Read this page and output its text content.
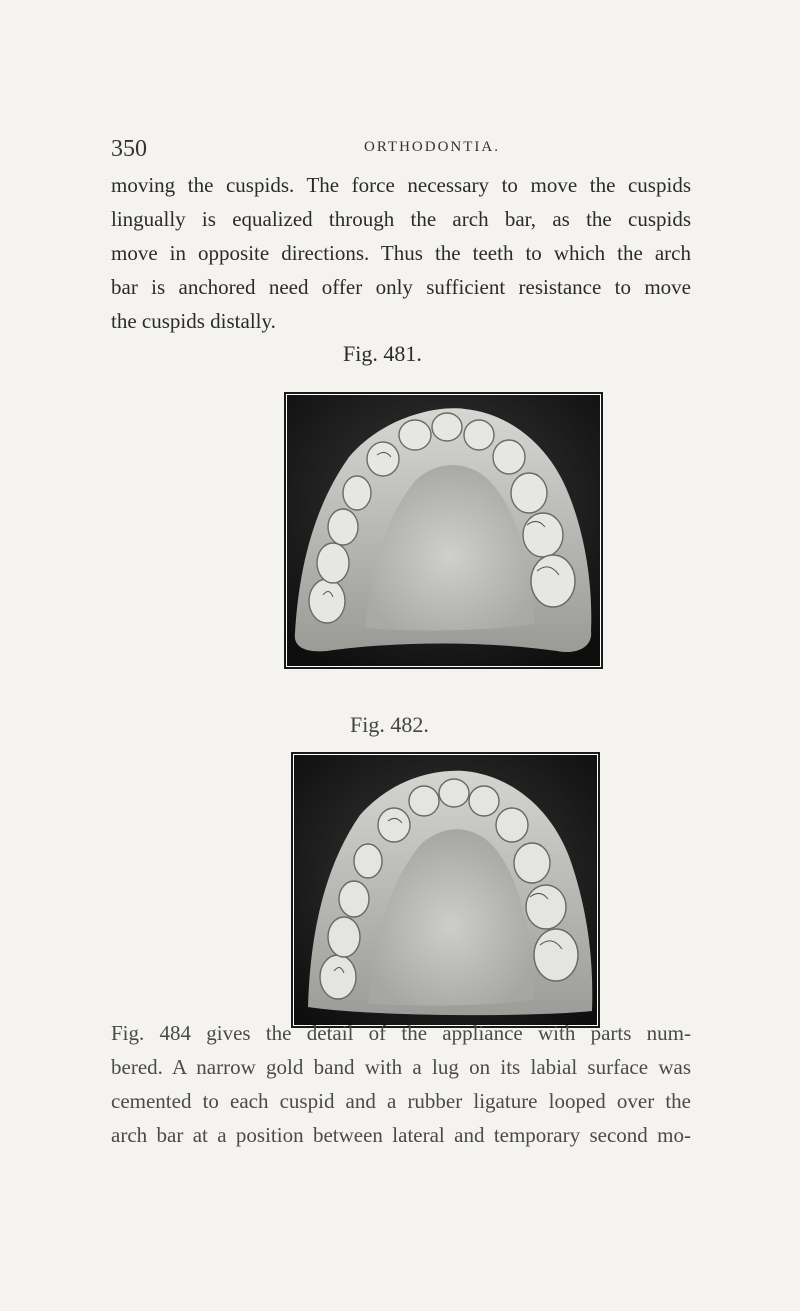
350	ORTHODONTIA.
moving the cuspids. The force necessary to move the cuspids
lingually is equalized through the arch bar, as the cuspids
move in opposite directions. Thus the teeth to which the arch
bar is anchored need offer only sufficient resistance to move
the cuspids distally.
Fig. 481.
Fig. 482.
Fig. 484 gives the detail of the appliance with parts num-
bered. A narrow gold band with a lug on its labial surface was
cemented to each cuspid and a rubber ligature looped over the
arch bar at a position between lateral and temporary second mo-
